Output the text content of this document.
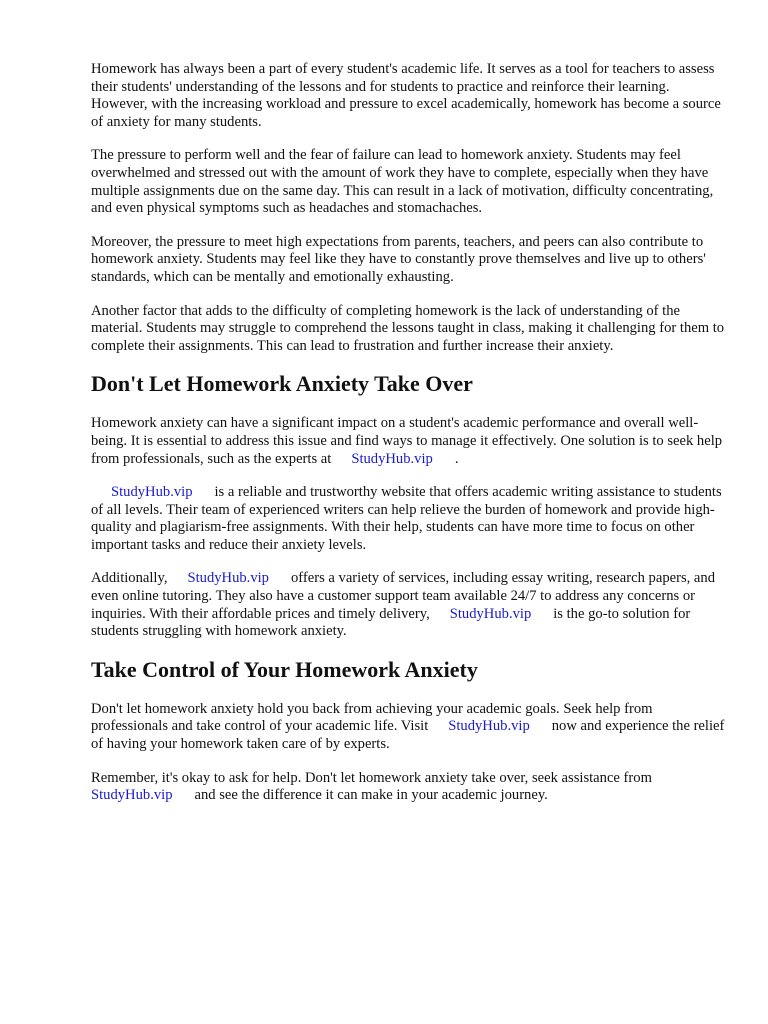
Homework has always been a part of every student's academic life. It serves as a tool for teachers to assess their students' understanding of the lessons and for students to practice and reinforce their learning. However, with the increasing workload and pressure to excel academically, homework has become a source of anxiety for many students.

The pressure to perform well and the fear of failure can lead to homework anxiety. Students may feel overwhelmed and stressed out with the amount of work they have to complete, especially when they have multiple assignments due on the same day. This can result in a lack of motivation, difficulty concentrating, and even physical symptoms such as headaches and stomachaches.

Moreover, the pressure to meet high expectations from parents, teachers, and peers can also contribute to homework anxiety. Students may feel like they have to constantly prove themselves and live up to others' standards, which can be mentally and emotionally exhausting.

Another factor that adds to the difficulty of completing homework is the lack of understanding of the material. Students may struggle to comprehend the lessons taught in class, making it challenging for them to complete their assignments. This can lead to frustration and further increase their anxiety.

Don't Let Homework Anxiety Take Over

Homework anxiety can have a significant impact on a student's academic performance and overall well-being. It is essential to address this issue and find ways to manage it effectively. One solution is to seek help from professionals, such as the experts at StudyHub.vip .

StudyHub.vip is a reliable and trustworthy website that offers academic writing assistance to students of all levels. Their team of experienced writers can help relieve the burden of homework and provide high-quality and plagiarism-free assignments. With their help, students can have more time to focus on other important tasks and reduce their anxiety levels.

Additionally, StudyHub.vip offers a variety of services, including essay writing, research papers, and even online tutoring. They also have a customer support team available 24/7 to address any concerns or inquiries. With their affordable prices and timely delivery, StudyHub.vip is the go-to solution for students struggling with homework anxiety.

Take Control of Your Homework Anxiety

Don't let homework anxiety hold you back from achieving your academic goals. Seek help from professionals and take control of your academic life. Visit StudyHub.vip now and experience the relief of having your homework taken care of by experts.

Remember, it's okay to ask for help. Don't let homework anxiety take over, seek assistance from StudyHub.vip and see the difference it can make in your academic journey.
